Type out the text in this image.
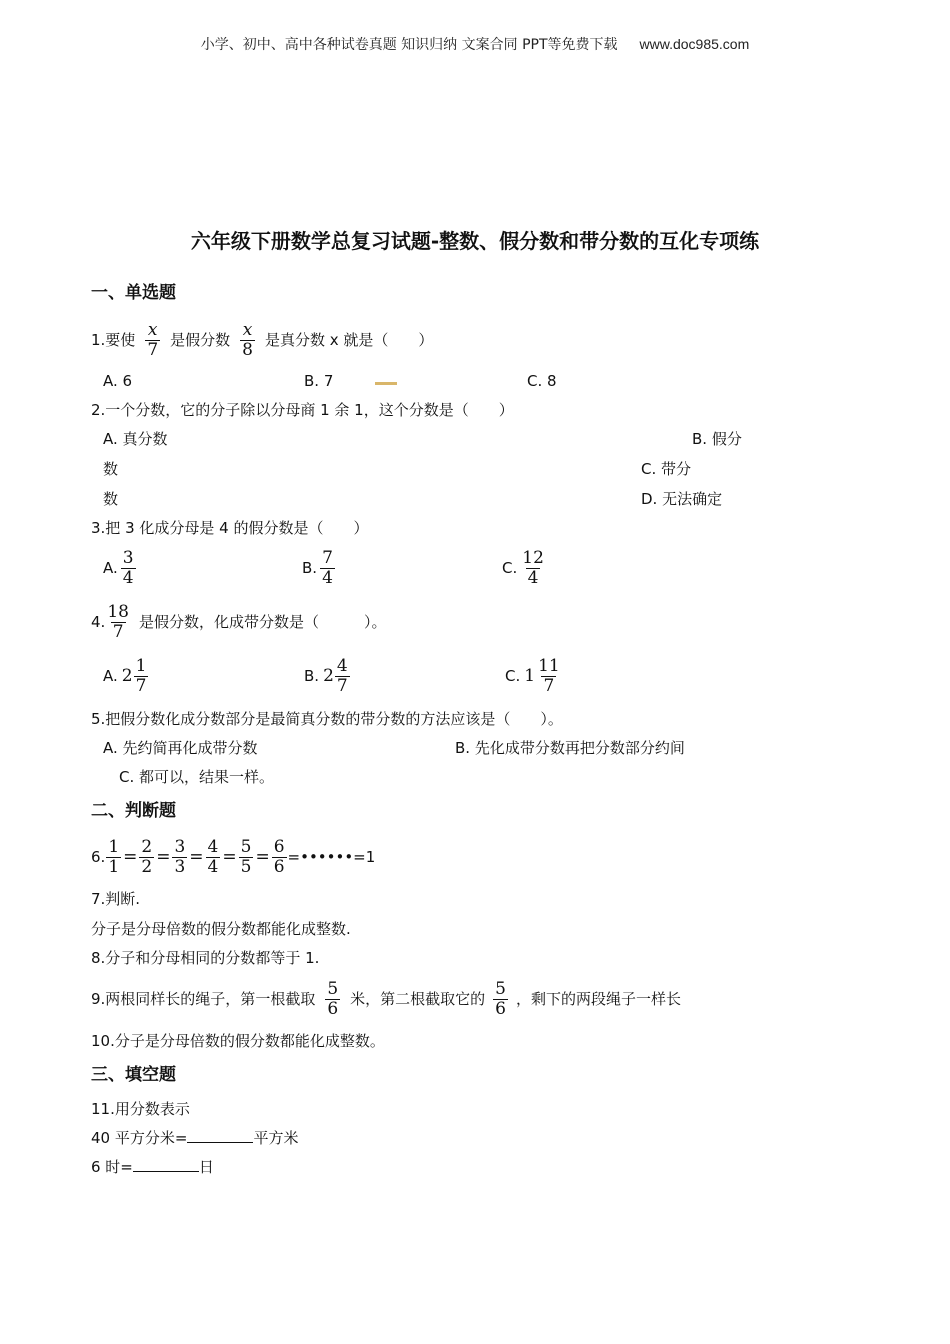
小学、初中、高中各种试卷真题 知识归纳 文案合同 PPT等免费下载 www.doc985.com
六年级下册数学总复习试题-整数、假分数和带分数的互化专项练
一、单选题
1.要使 $\frac{x}{7}$ 是假分数 $\frac{x}{8}$ 是真分数 x 就是（　　）
A. 6	B. 7	C. 8
2.一个分数，它的分子除以分母商 1 余 1，这个分数是（　　）
A. 真分数	B. 假分
数	C. 带分
数	D. 无法确定
3.把 3 化成分母是 4 的假分数是（　　）
A. $\frac{3}{4}$	B. $\frac{7}{4}$	C. $\frac{12}{4}$
4. $\frac{18}{7}$ 是假分数，化成带分数是（　　　）。
A. $2 \frac{1}{7}$	B. $2 \frac{4}{7}$	C. $1 \frac{11}{7}$
5.把假分数化成分数部分是最简真分数的带分数的方法应该是（　　）。
A. 先约简再化成带分数	B. 先化成带分数再把分数部分约间
C. 都可以，结果一样。
二、判断题
6. $\frac{1}{1} = \frac{2}{2} = \frac{3}{3} = \frac{4}{4} = \frac{5}{5} = \frac{6}{6}$ =••••••=1
7.判断.
分子是分母倍数的假分数都能化成整数.
8.分子和分母相同的分数都等于 1.
9.两根同样长的绳子，第一根截取 $\frac{5}{6}$ 米，第二根截取它的 $\frac{5}{6}$ ，剩下的两段绳子一样长
10.分子是分母倍数的假分数都能化成整数。
三、填空题
11.用分数表示
40 平方分米=	平方米
6 时=	日
